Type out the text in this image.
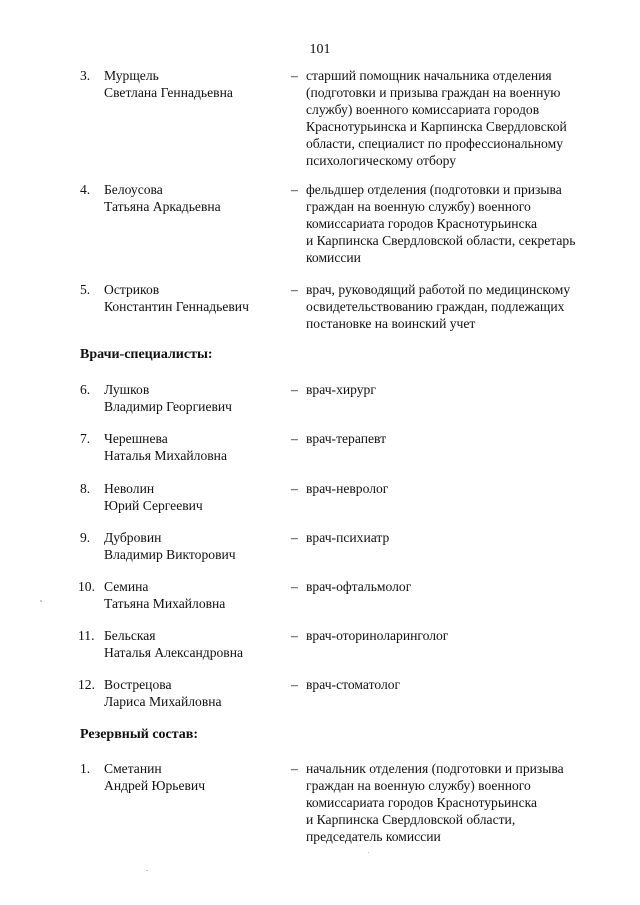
101
3. Мурщель
Светлана Геннадьевна
– старший помощник начальника отделения
(подготовки и призыва граждан на военную
службу) военного комиссариата городов
Краснотурьинска и Карпинска Свердловской
области, специалист по профессиональному
психологическому отбору
4. Белоусова
Татьяна Аркадьевна
– фельдшер отделения (подготовки и призыва
граждан на военную службу) военного
комиссариата городов Краснотурьинска
и Карпинска Свердловской области, секретарь
комиссии
5. Остриков
Константин Геннадьевич
– врач, руководящий работой по медицинскому
освидетельствованию граждан, подлежащих
постановке на воинский учет
Врачи-специалисты:
6. Лушков
Владимир Георгиевич
– врач-хирург
7. Черешнева
Наталья Михайловна
– врач-терапевт
8. Неволин
Юрий Сергеевич
– врач-невролог
9. Дубровин
Владимир Викторович
– врач-психиатр
10. Семина
Татьяна Михайловна
– врач-офтальмолог
11. Бельская
Наталья Александровна
– врач-оториноларинголог
12. Вострецова
Лариса Михайловна
– врач-стоматолог
Резервный состав:
1. Сметанин
Андрей Юрьевич
– начальник отделения (подготовки и призыва
граждан на военную службу) военного
комиссариата городов Краснотурьинска
и Карпинска Свердловской области,
председатель комиссии
